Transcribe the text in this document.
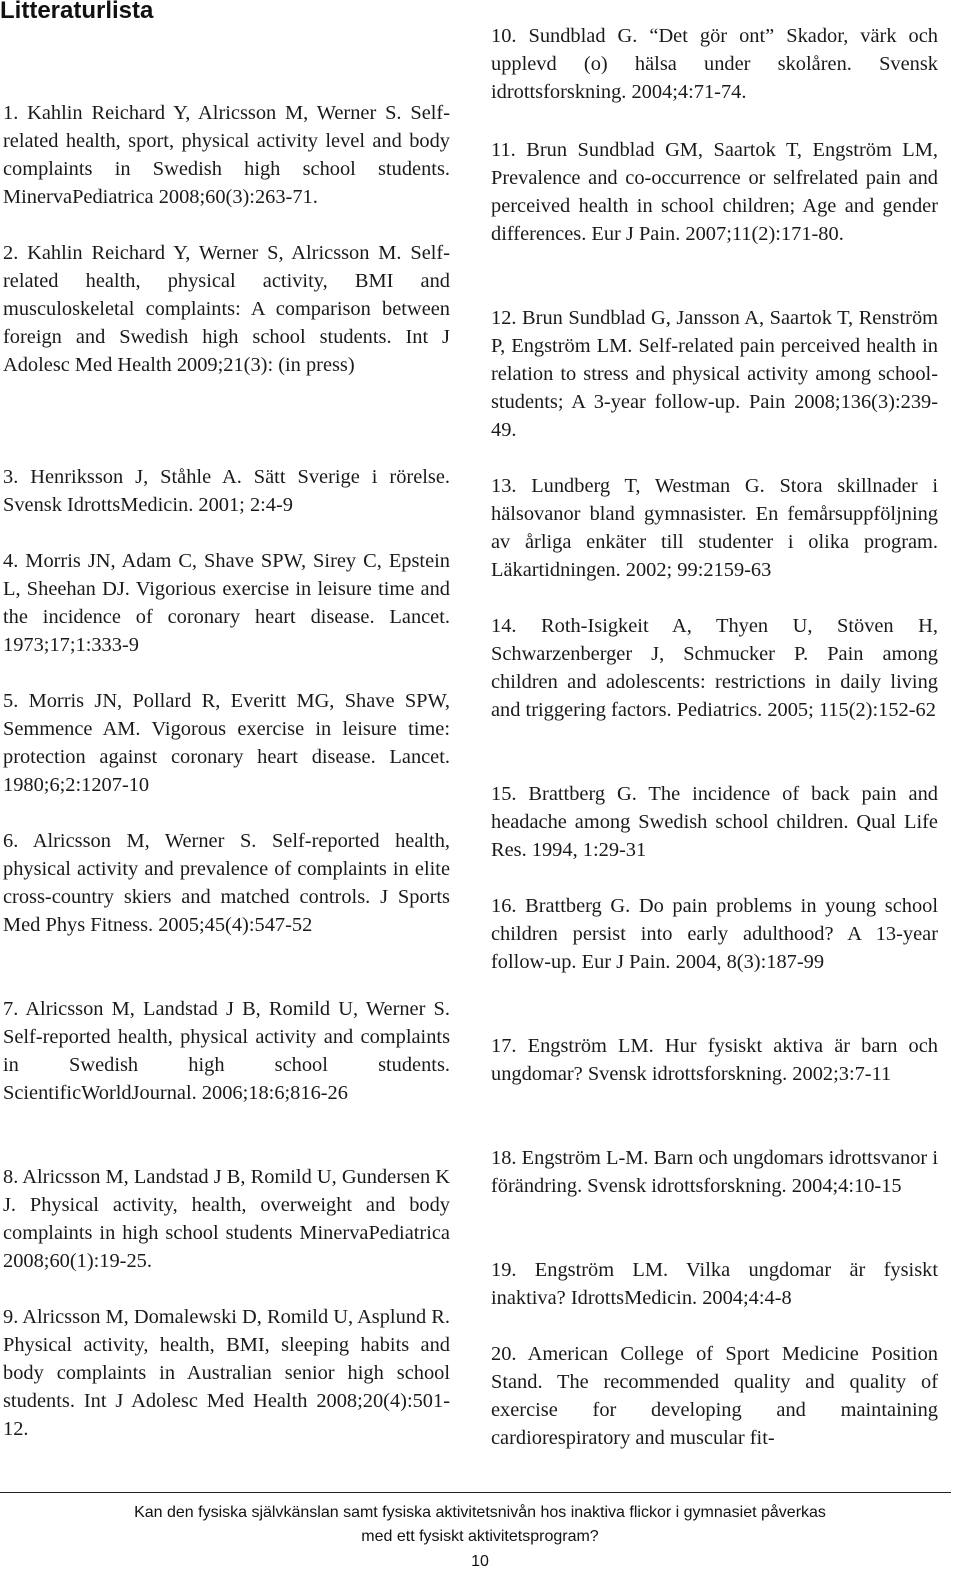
Litteraturlista

1. Kahlin Reichard Y, Alricsson M, Werner S. Self-related health, sport, physical activity level and body complaints in Swedish high school students. MinervaPediatrica 2008;60(3):263-71.

2. Kahlin Reichard Y, Werner S, Alricsson M. Self-related health, physical activity, BMI and musculoskeletal complaints: A comparison between foreign and Swedish high school students. Int J Adolesc Med Health 2009;21(3): (in press)

3. Henriksson J, Ståhle A. Sätt Sverige i rörelse. Svensk IdrottsMedicin. 2001; 2:4-9

4. Morris JN, Adam C, Shave SPW, Sirey C, Epstein L, Sheehan DJ. Vigorious exercise in leisure time and the incidence of coronary heart disease. Lancet. 1973;17;1:333-9

5. Morris JN, Pollard R, Everitt MG, Shave SPW, Semmence AM. Vigorous exercise in leisure time: protection against coronary heart disease. Lancet. 1980;6;2:1207-10

6. Alricsson M, Werner S. Self-reported health, physical activity and prevalence of complaints in elite cross-country skiers and matched controls. J Sports Med Phys Fitness. 2005;45(4):547-52

7. Alricsson M, Landstad J B, Romild U, Werner S. Self-reported health, physical activity and complaints in Swedish high school students. ScientificWorldJournal. 2006;18:6;816-26

8. Alricsson M, Landstad J B, Romild U, Gundersen K J. Physical activity, health, overweight and body complaints in high school students MinervaPediatrica 2008;60(1):19-25.

9. Alricsson M, Domalewski D, Romild U, Asplund R. Physical activity, health, BMI, sleeping habits and body complaints in Australian senior high school students. Int J Adolesc Med Health 2008;20(4):501-12.

10. Sundblad G. “Det gör ont” Skador, värk och upplevd (o) hälsa under skolåren. Svensk idrottsforskning. 2004;4:71-74.

11. Brun Sundblad GM, Saartok T, Engström LM, Prevalence and co-occurrence or selfrelated pain and perceived health in school children; Age and gender differences. Eur J Pain. 2007;11(2):171-80.

12. Brun Sundblad G, Jansson A, Saartok T, Renström P, Engström LM. Self-related pain perceived health in relation to stress and physical activity among school-students; A 3-year follow-up. Pain 2008;136(3):239-49.

13. Lundberg T, Westman G. Stora skillnader i hälsovanor bland gymnasister. En femårsuppföljning av årliga enkäter till studenter i olika program. Läkartidningen. 2002; 99:2159-63

14. Roth-Isigkeit A, Thyen U, Stöven H, Schwarzenberger J, Schmucker P. Pain among children and adolescents: restrictions in daily living and triggering factors. Pediatrics. 2005; 115(2):152-62

15. Brattberg G. The incidence of back pain and headache among Swedish school children. Qual Life Res. 1994, 1:29-31

16. Brattberg G. Do pain problems in young school children persist into early adulthood? A 13-year follow-up. Eur J Pain. 2004, 8(3):187-99

17. Engström LM. Hur fysiskt aktiva är barn och ungdomar? Svensk idrottsforskning. 2002;3:7-11

18. Engström L-M. Barn och ungdomars idrottsvanor i förändring. Svensk idrottsforskning. 2004;4:10-15

19. Engström LM. Vilka ungdomar är fysiskt inaktiva? IdrottsMedicin. 2004;4:4-8

20. American College of Sport Medicine Position Stand. The recommended quality and quality of exercise for developing and maintaining cardiorespiratory and muscular fit-

Kan den fysiska självkänslan samt fysiska aktivitetsnivån hos inaktiva flickor i gymnasiet påverkas
med ett fysiskt aktivitetsprogram?
10
